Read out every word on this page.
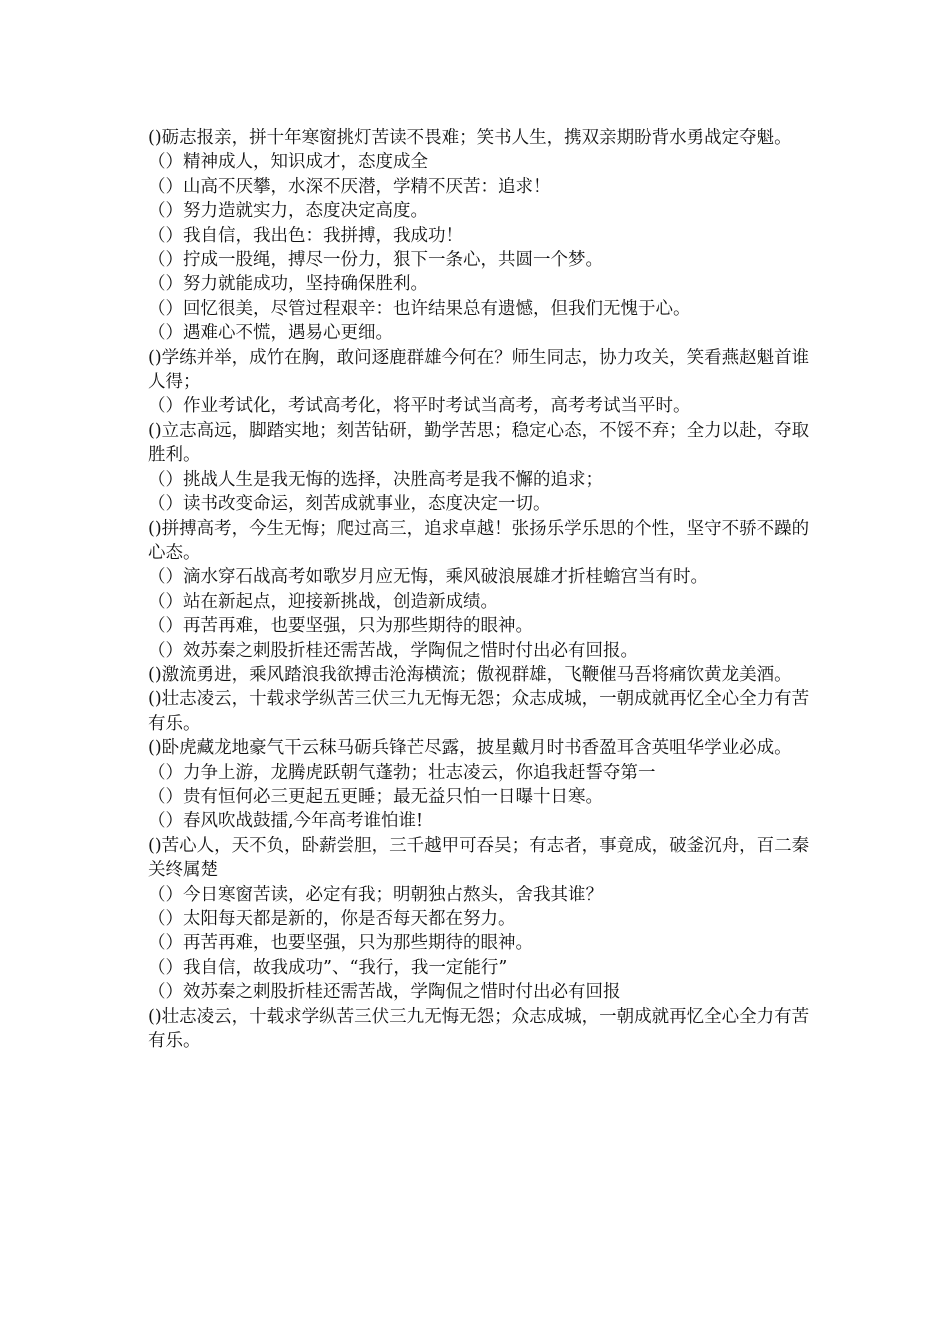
()砺志报亲，拼十年寒窗挑灯苦读不畏难；笑书人生，携双亲期盼背水勇战定夺魁。

（）精神成人，知识成才，态度成全

（）山高不厌攀，水深不厌潜，学精不厌苦：追求！

（）努力造就实力，态度决定高度。

（）我自信，我出色：我拼搏，我成功！

（）拧成一股绳，搏尽一份力，狠下一条心，共圆一个梦。

（）努力就能成功，坚持确保胜利。

（）回忆很美，尽管过程艰辛：也许结果总有遗憾，但我们无愧于心。

（）遇难心不慌，遇易心更细。

()学练并举，成竹在胸，敢问逐鹿群雄今何在？师生同志，协力攻关，笑看燕赵魁首谁人得；

（）作业考试化，考试高考化，将平时考试当高考，高考考试当平时。

()立志高远，脚踏实地；刻苦钻研，勤学苦思；稳定心态，不馁不弃；全力以赴，夺取胜利。

（）挑战人生是我无悔的选择，决胜高考是我不懈的追求；

（）读书改变命运，刻苦成就事业，态度决定一切。

()拼搏高考，今生无悔；爬过高三，追求卓越！张扬乐学乐思的个性，坚守不骄不躁的心态。

（）滴水穿石战高考如歌岁月应无悔，乘风破浪展雄才折桂蟾宫当有时。

（）站在新起点，迎接新挑战，创造新成绩。

（）再苦再难，也要坚强，只为那些期待的眼神。

（）效苏秦之刺股折桂还需苦战，学陶侃之惜时付出必有回报。

()激流勇进，乘风踏浪我欲搏击沧海横流；傲视群雄，飞鞭催马吾将痛饮黄龙美酒。

()壮志凌云，十载求学纵苦三伏三九无悔无怨；众志成城，一朝成就再忆全心全力有苦有乐。

()卧虎藏龙地豪气干云秣马砺兵锋芒尽露，披星戴月时书香盈耳含英咀华学业必成。

（）力争上游，龙腾虎跃朝气蓬勃；壮志凌云，你追我赶誓夺第一

（）贵有恒何必三更起五更睡；最无益只怕一日曝十日寒。

（）春风吹战鼓擂,今年高考谁怕谁!

()苦心人，天不负，卧薪尝胆，三千越甲可吞吴；有志者，事竟成，破釜沉舟，百二秦关终属楚

（）今日寒窗苦读，必定有我；明朝独占熬头，舍我其谁？

（）太阳每天都是新的，你是否每天都在努力。

（）再苦再难，也要坚强，只为那些期待的眼神。

（）我自信，故我成功”、“我行，我一定能行”

（）效苏秦之刺股折桂还需苦战，学陶侃之惜时付出必有回报

()壮志凌云，十载求学纵苦三伏三九无悔无怨；众志成城，一朝成就再忆全心全力有苦有乐。
